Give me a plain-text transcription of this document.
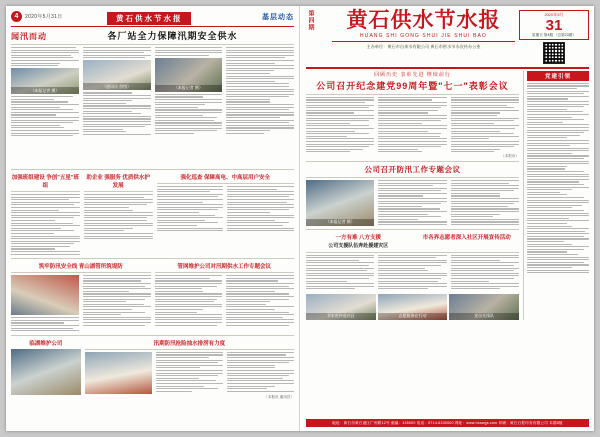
4	2020年5月31日	黄石供水节水报	基层动态
闻汛而动	各厂站全力保障汛期安全供水
（本报记者 摄）
（通讯员 供图）	（本报记者 摄）
加强班组建设 争创"五星"班组
助企业 强服务 优质供水护发展
强化巡查 保障高电、中高层用户安全
筑牢防汛安全线 青山湖管所筑堤防	管网维护公司对汛期供水工作专题会议
临湖维护公司	汛期防汛抢险抽水排涝有力度
（本报讯 通讯员）
第四期	黄石供水节水报
HUANG SHI GONG SHUI JIE SHUI BAO
主办单位：黄石市自来水有限公司 黄石市供水节水宣传办公室
2020年5月
31
星期日 第4期 （总第23期）
回顾历史 表彰先进 继续前行
公司召开纪念建党99周年暨"七一"表彰会议
（本报讯）
公司召开防汛工作专题会议
（本报记者 摄）
一方有难 八方支援
公司支援队伍奔赴援建灾区
市各界志愿者深入社区开展宣传活动
节水宣传进社区	志愿服务在行动	党员先锋队
党建引领
地址：黄石市黄石港区广州路12号 邮编：435000 电话：0714-6330000 网址：www.hsswgs.com 印刷：黄石日报印务有限公司 本期8版
